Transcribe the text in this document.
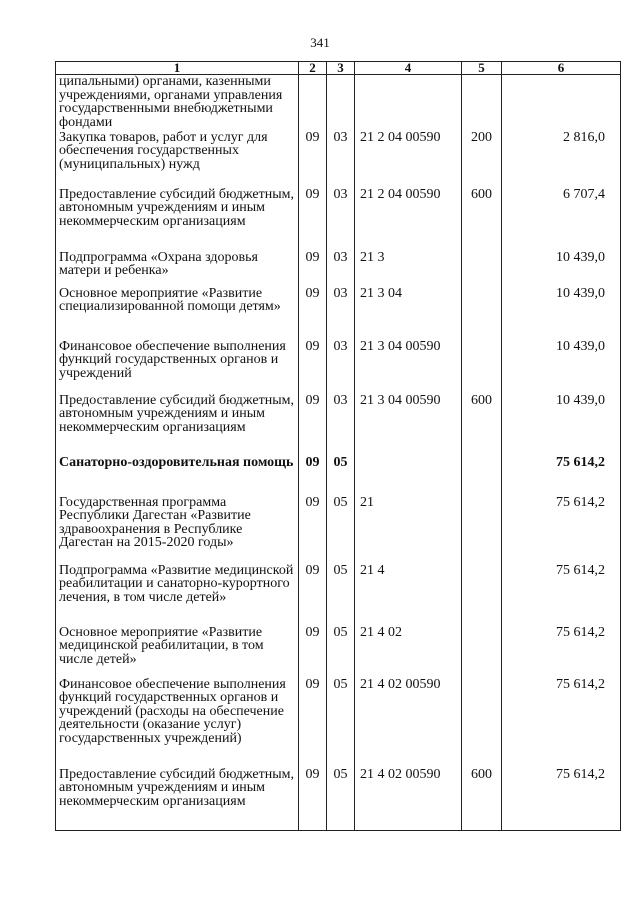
341
1	2	3	4	5	6
ципальными) органами, казенными учреждениями, органами управления государственными внебюджетными фондами					
Закупка товаров, работ и услуг для обеспечения государственных (муниципальных) нужд	09	03	21 2 04 00590	200	2 816,0
Предоставление субсидий бюджетным, автономным учреждениям и иным некоммерческим организациям	09	03	21 2 04 00590	600	6 707,4
Подпрограмма «Охрана здоровья матери и ребенка»	09	03	21 3		10 439,0
Основное мероприятие «Развитие специализированной помощи детям»	09	03	21 3 04		10 439,0
Финансовое обеспечение выполнения функций государственных органов и учреждений	09	03	21 3 04 00590		10 439,0
Предоставление субсидий бюджетным, автономным учреждениям и иным некоммерческим организациям	09	03	21 3 04 00590	600	10 439,0
Санаторно-оздоровительная помощь	09	05			75 614,2
Государственная программа Республики Дагестан «Развитие здравоохранения в Республике Дагестан на 2015-2020 годы»	09	05	21		75 614,2
Подпрограмма «Развитие медицинской реабилитации и санаторно-курортного лечения, в том числе детей»	09	05	21 4		75 614,2
Основное мероприятие «Развитие медицинской реабилитации, в том числе детей»	09	05	21 4 02		75 614,2
Финансовое обеспечение выполнения функций государственных органов и учреждений (расходы на обеспечение деятельности (оказание услуг) государственных учреждений)	09	05	21 4 02 00590		75 614,2
Предоставление субсидий бюджетным, автономным учреждениям и иным некоммерческим организациям	09	05	21 4 02 00590	600	75 614,2
